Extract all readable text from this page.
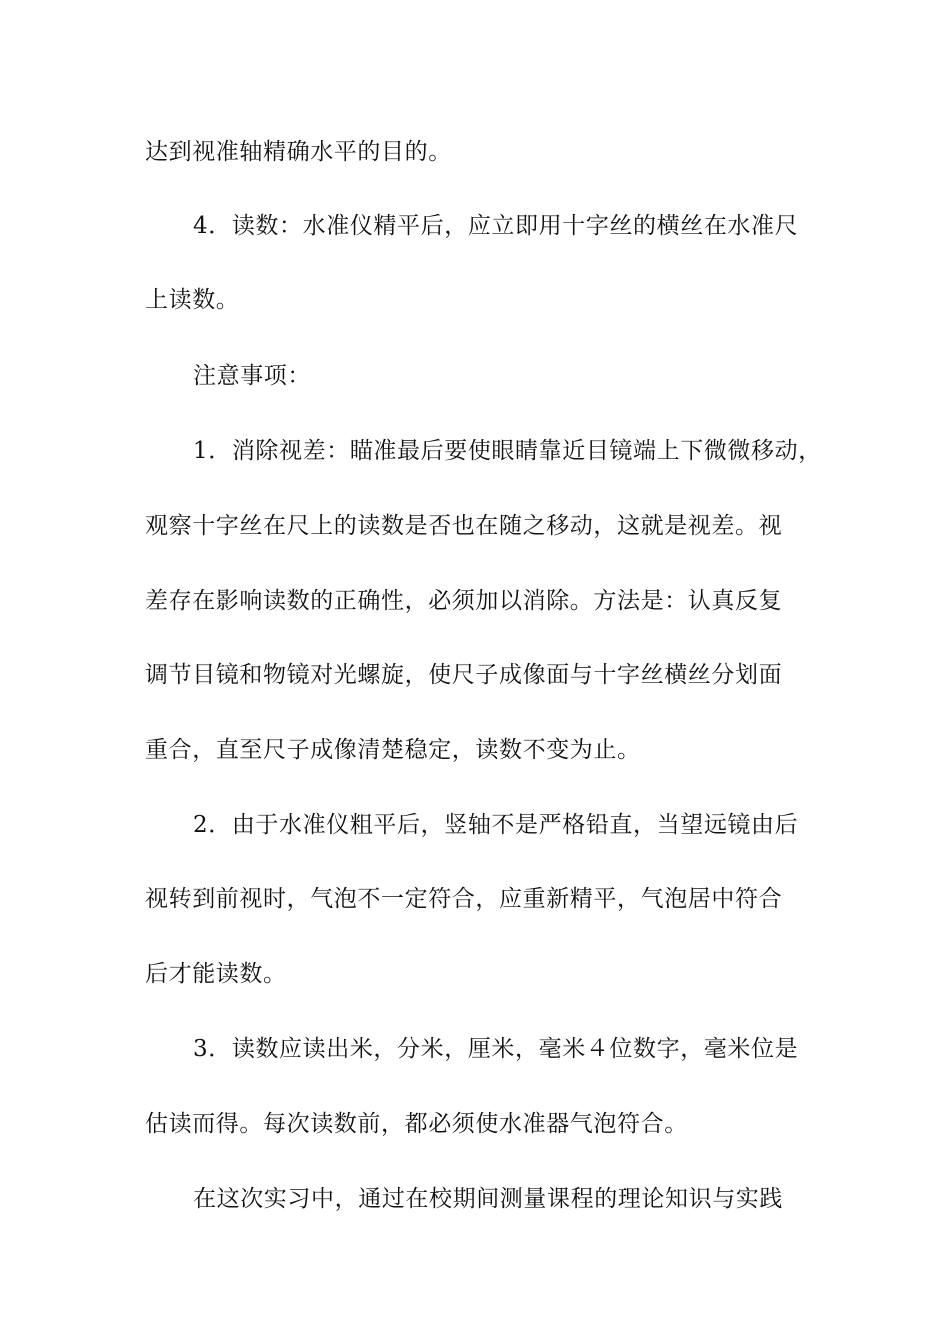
达到视准轴精确水平的目的。
4．读数：水准仪精平后，应立即用十字丝的横丝在水准尺
上读数。
注意事项：
1．消除视差：瞄准最后要使眼睛靠近目镜端上下微微移动，
观察十字丝在尺上的读数是否也在随之移动，这就是视差。视
差存在影响读数的正确性，必须加以消除。方法是：认真反复
调节目镜和物镜对光螺旋，使尺子成像面与十字丝横丝分划面
重合，直至尺子成像清楚稳定，读数不变为止。
2．由于水准仪粗平后，竖轴不是严格铅直，当望远镜由后
视转到前视时，气泡不一定符合，应重新精平，气泡居中符合
后才能读数。
3．读数应读出米，分米，厘米，毫米４位数字，毫米位是
估读而得。每次读数前，都必须使水准器气泡符合。
在这次实习中，通过在校期间测量课程的理论知识与实践
